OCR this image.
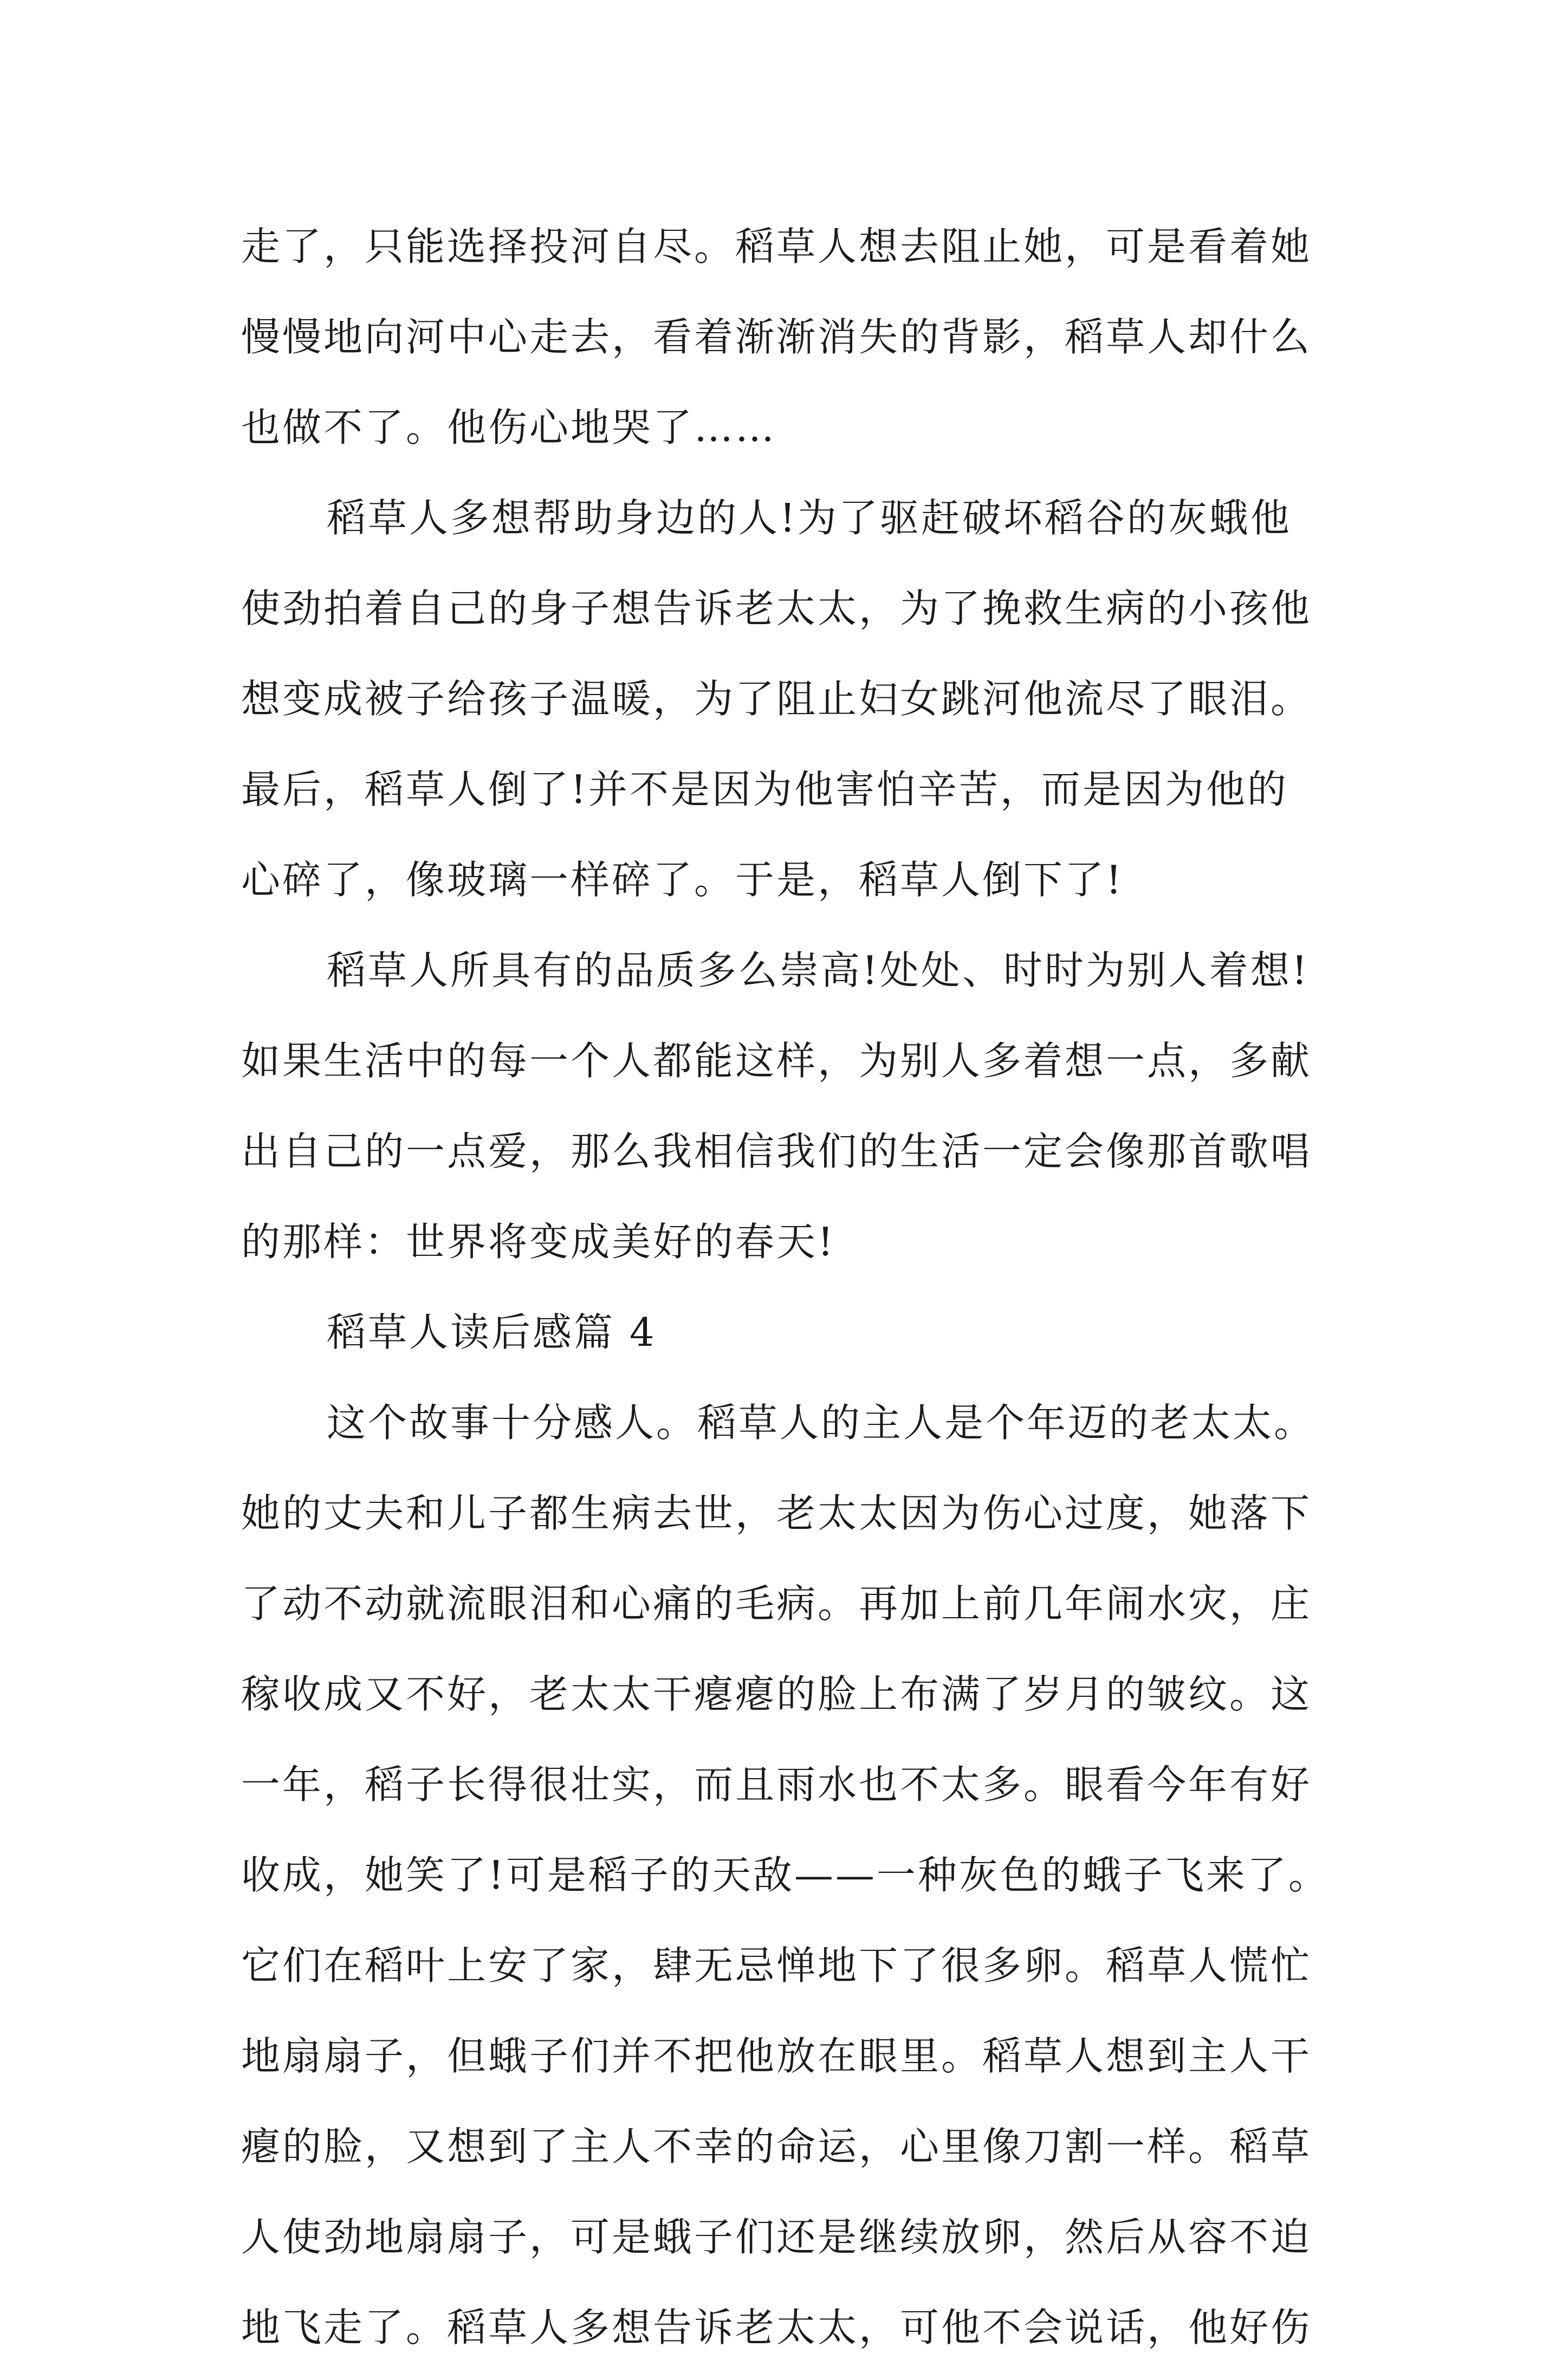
走了，只能选择投河自尽。稻草人想去阻止她，可是看着她
慢慢地向河中心走去，看着渐渐消失的背影，稻草人却什么
也做不了。他伤心地哭了……
稻草人多想帮助身边的人!为了驱赶破坏稻谷的灰蛾他
使劲拍着自己的身子想告诉老太太，为了挽救生病的小孩他
想变成被子给孩子温暖，为了阻止妇女跳河他流尽了眼泪。
最后，稻草人倒了!并不是因为他害怕辛苦，而是因为他的
心碎了，像玻璃一样碎了。于是，稻草人倒下了!
稻草人所具有的品质多么崇高!处处、时时为别人着想!
如果生活中的每一个人都能这样，为别人多着想一点，多献
出自己的一点爱，那么我相信我们的生活一定会像那首歌唱
的那样：世界将变成美好的春天!
稻草人读后感篇 4
这个故事十分感人。稻草人的主人是个年迈的老太太。
她的丈夫和儿子都生病去世，老太太因为伤心过度，她落下
了动不动就流眼泪和心痛的毛病。再加上前几年闹水灾，庄
稼收成又不好，老太太干瘪瘪的脸上布满了岁月的皱纹。这
一年，稻子长得很壮实，而且雨水也不太多。眼看今年有好
收成，她笑了!可是稻子的天敌——一种灰色的蛾子飞来了。
它们在稻叶上安了家，肆无忌惮地下了很多卵。稻草人慌忙
地扇扇子，但蛾子们并不把他放在眼里。稻草人想到主人干
瘪的脸，又想到了主人不幸的命运，心里像刀割一样。稻草
人使劲地扇扇子，可是蛾子们还是继续放卵，然后从容不迫
地飞走了。稻草人多想告诉老太太，可他不会说话，他好伤
